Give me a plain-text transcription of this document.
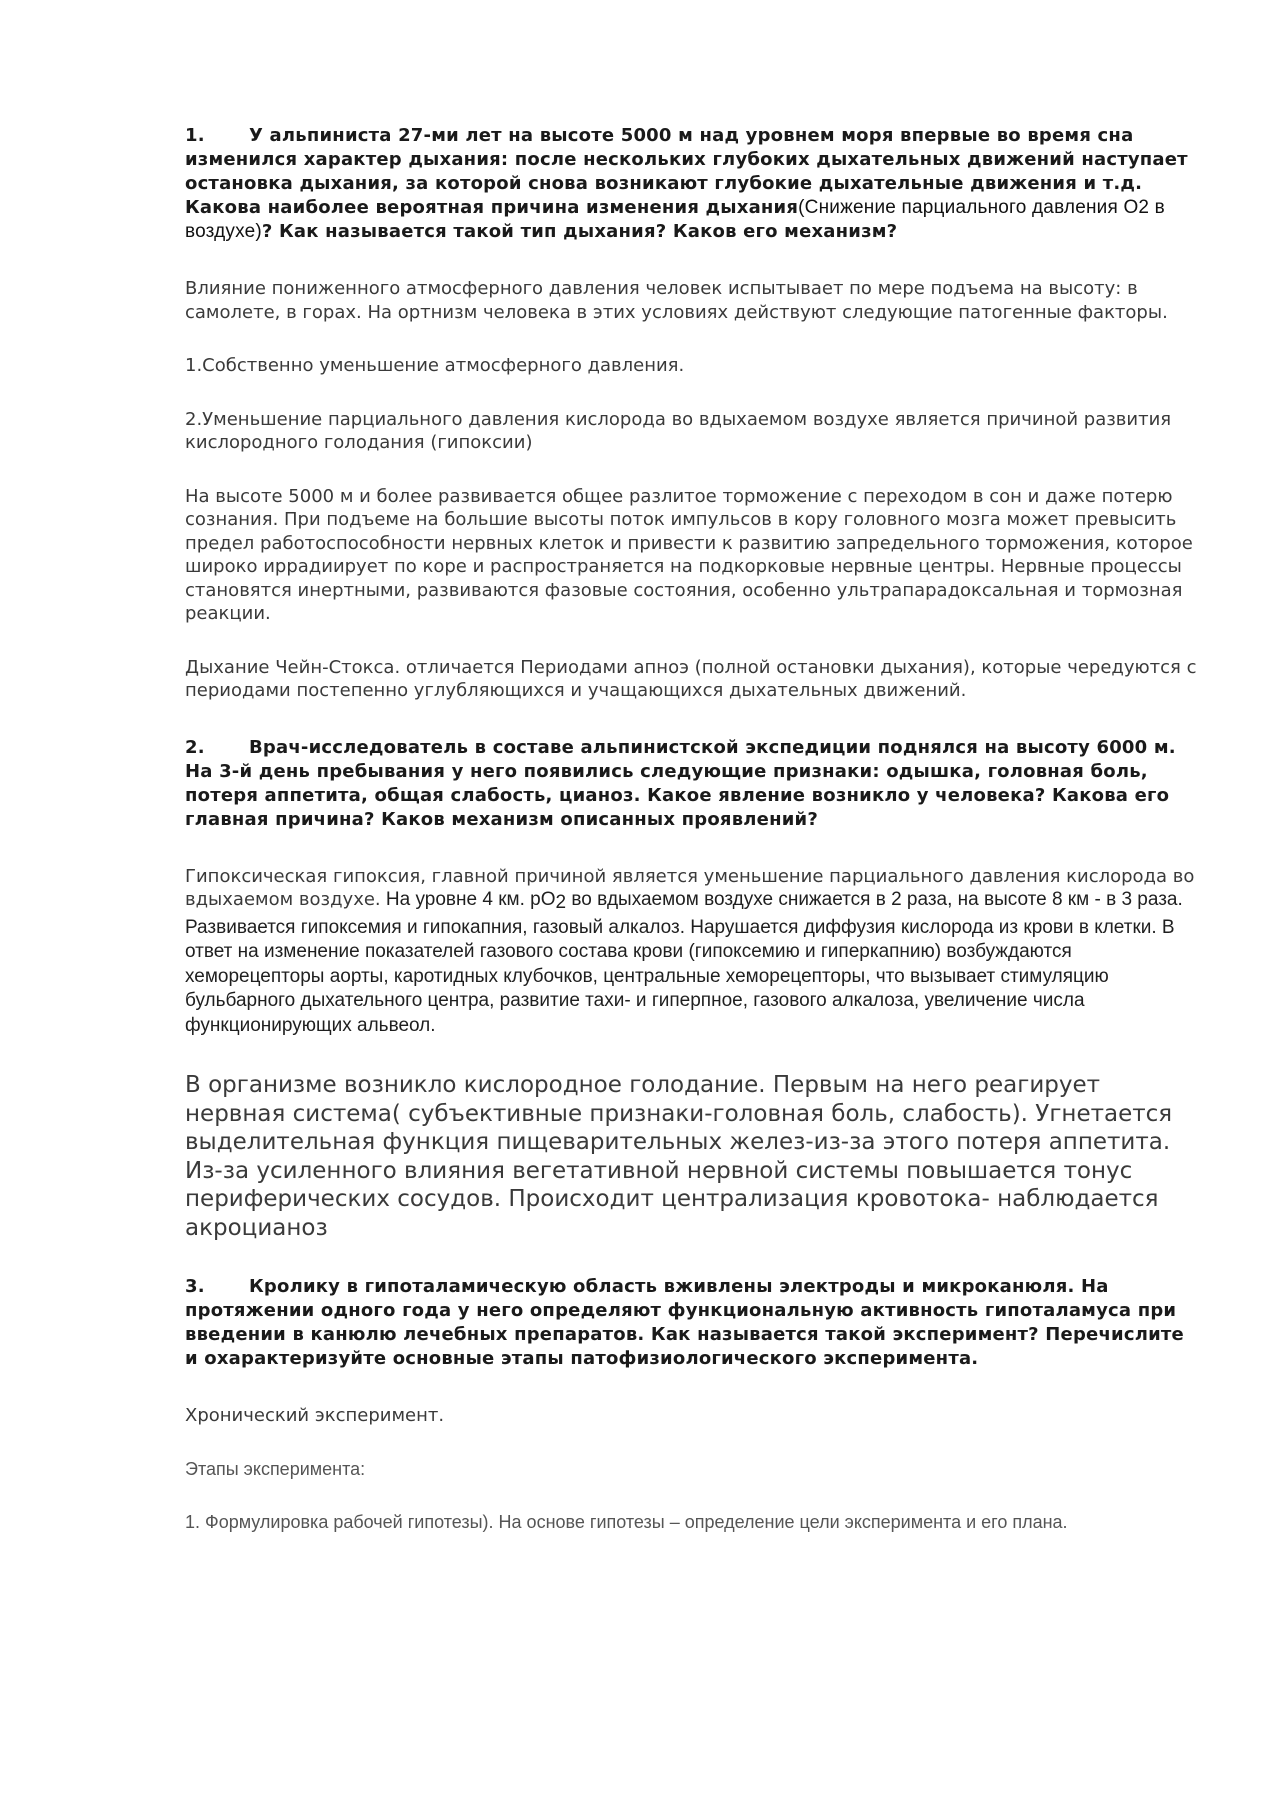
1. У альпиниста 27-ми лет на высоте 5000 м над уровнем моря впервые во время сна изменился характер дыхания: после нескольких глубоких дыхательных движений наступает остановка дыхания, за которой снова возникают глубокие дыхательные движения и т.д. Какова наиболее вероятная причина изменения дыхания(Снижение парциального давления О2 в воздухе)? Как называется такой тип дыхания? Каков его механизм?

Влияние пониженного атмосферного давления человек испытывает по мере подъема на высоту: в самолете, в горах. На ортнизм человека в этих условиях действуют следующие патогенные факторы.

1.Собственно уменьшение атмосферного давления.

2.Уменьшение парциального давления кислорода во вдыхаемом воздухе является причиной развития кислородного голодания (гипоксии)

На высоте 5000 м и более развивается общее разлитое торможение с переходом в сон и даже потерю сознания. При подъеме на большие высоты поток импульсов в кору головного мозга может превысить предел работоспособности нервных клеток и привести к развитию запредельного торможения, которое широко иррадиирует по коре и распространяется на подкорковые нервные центры. Нервные процессы становятся инертными, развиваются фазовые состояния, особенно ультрапарадоксальная и тормозная реакции.

Дыхание Чейн-Стокса. отличается Периодами апноэ (полной остановки дыхания), которые чередуются с периодами постепенно углубляющихся и учащающихся дыхательных движений.

2. Врач-исследователь в составе альпинистской экспедиции поднялся на высоту 6000 м. На 3-й день пребывания у него появились следующие признаки: одышка, головная боль, потеря аппетита, общая слабость, цианоз. Какое явление возникло у человека? Какова его главная причина? Каков механизм описанных проявлений?

Гипоксическая гипоксия, главной причиной является уменьшение парциального давления кислорода во вдыхаемом воздухе. На уровне 4 км. $pO_2$ во вдыхаемом воздухе снижается в 2 раза, на высоте 8 км - в 3 раза. Развивается гипоксемия и гипокапния, газовый алкалоз. Нарушается диффузия кислорода из крови в клетки. В ответ на изменение показателей газового состава крови (гипоксемию и гиперкапнию) возбуждаются хеморецепторы аорты, каротидных клубочков, центральные хеморецепторы, что вызывает стимуляцию бульбарного дыхательного центра, развитие тахи- и гиперпное, газового алкалоза, увеличение числа функционирующих альвеол.

В организме возникло кислородное голодание. Первым на него реагирует нервная система( субъективные признаки-головная боль, слабость). Угнетается выделительная функция пищеварительных желез-из-за этого потеря аппетита. Из-за усиленного влияния вегетативной нервной системы повышается тонус периферических сосудов. Происходит централизация кровотока- наблюдается акроцианоз

3. Кролику в гипоталамическую область вживлены электроды и микроканюля. На протяжении одного года у него определяют функциональную активность гипоталамуса при введении в канюлю лечебных препаратов. Как называется такой эксперимент? Перечислите и охарактеризуйте основные этапы патофизиологического эксперимента.

Хронический эксперимент.

Этапы эксперимента:

1. Формулировка рабочей гипотезы). На основе гипотезы – определение цели эксперимента и его плана.
